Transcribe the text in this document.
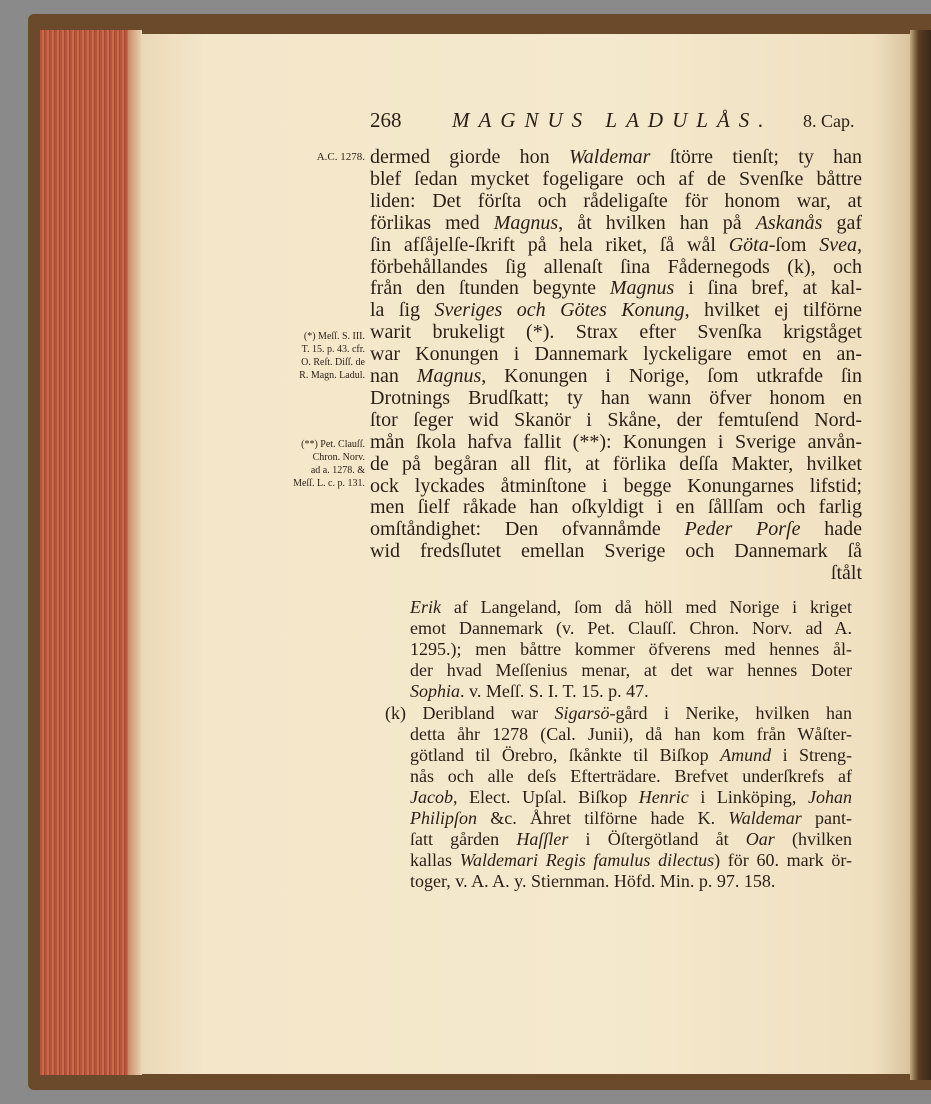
268 MAGNUS LADULÅS. 8. Cap.
A.C. 1278.
(*) Meſſ. S. III.
T. 15. p. 43. cfr.
O. Reſt. Diſſ. de
R. Magn. Ladul.
(**) Pet. Clauſſ.
Chron. Norv.
ad a. 1278. &
Meſſ. L. c. p. 131.
dermed giorde hon Waldemar ſtörre tienſt; ty han
blef ſedan mycket fogeligare och af de Svenſke båttre
liden: Det förſta och rådeligaſte för honom war, at
förlikas med Magnus, åt hvilken han på Askanås gaf
ſin afſåjelſe-ſkrift på hela riket, ſå wål Göta-ſom Svea,
förbehållandes ſig allenaſt ſina Fådernegods (k), och
från den ſtunden begynte Magnus i ſina bref, at kal-
la ſig Sveriges och Götes Konung, hvilket ej tilförne
warit brukeligt (*). Strax efter Svenſka krigståget
war Konungen i Dannemark lyckeligare emot en an-
nan Magnus, Konungen i Norige, ſom utkrafde ſin
Drotnings Brudſkatt; ty han wann öfver honom en
ſtor ſeger wid Skanör i Skåne, der femtuſend Nord-
mån ſkola hafva fallit (**): Konungen i Sverige anvån-
de på begåran all flit, at förlika deſſa Makter, hvilket
ock lyckades åtminſtone i begge Konungarnes lifstid;
men ſielf råkade han oſkyldigt i en ſållſam och farlig
omſtåndighet: Den ofvannåmde Peder Porſe hade
wid fredsſlutet emellan Sverige och Dannemark ſå
ſtålt
Erik af Langeland, ſom då höll med Norige i kriget
emot Dannemark (v. Pet. Clauſſ. Chron. Norv. ad A.
1295.); men båttre kommer öfverens med hennes ål-
der hvad Meſſenius menar, at det war hennes Doter
Sophia. v. Meſſ. S. I. T. 15. p. 47.
(k) Deribland war Sigarsö-gård i Nerike, hvilken han
detta åhr 1278 (Cal. Junii), då han kom från Wåſter-
götland til Örebro, ſkånkte til Biſkop Amund i Streng-
nås och alle deſs Efterträdare. Brefvet underſkrefs af
Jacob, Elect. Upſal. Biſkop Henric i Linköping, Johan
Philipſon &c. Åhret tilförne hade K. Waldemar pant-
ſatt gården Haſſler i Öſtergötland åt Oar (hvilken
kallas Waldemari Regis famulus dilectus) för 60. mark ör-
toger, v. A. A. y. Stiernman. Höfd. Min. p. 97. 158.
